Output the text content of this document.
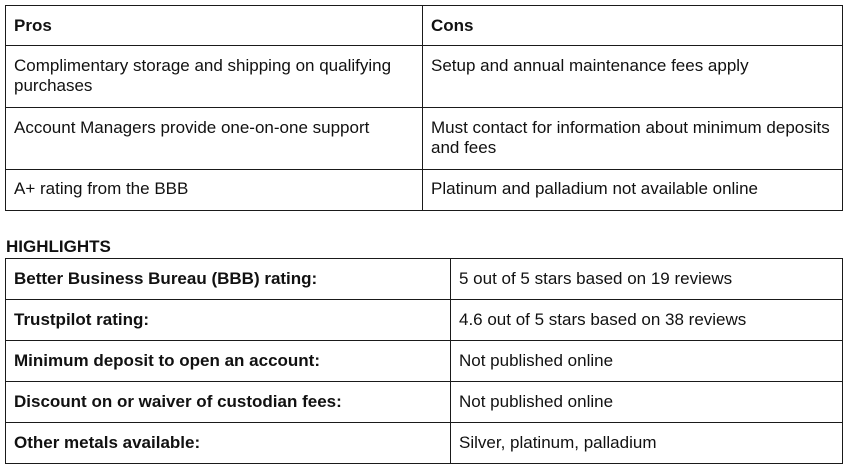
Pros	Cons
Complimentary storage and shipping on qualifying purchases	Setup and annual maintenance fees apply
Account Managers provide one-on-one support	Must contact for information about minimum deposits and fees
A+ rating from the BBB	Platinum and palladium not available online
HIGHLIGHTS
Better Business Bureau (BBB) rating:	5 out of 5 stars based on 19 reviews
Trustpilot rating:	4.6 out of 5 stars based on 38 reviews
Minimum deposit to open an account:	Not published online
Discount on or waiver of custodian fees:	Not published online
Other metals available:	Silver, platinum, palladium
